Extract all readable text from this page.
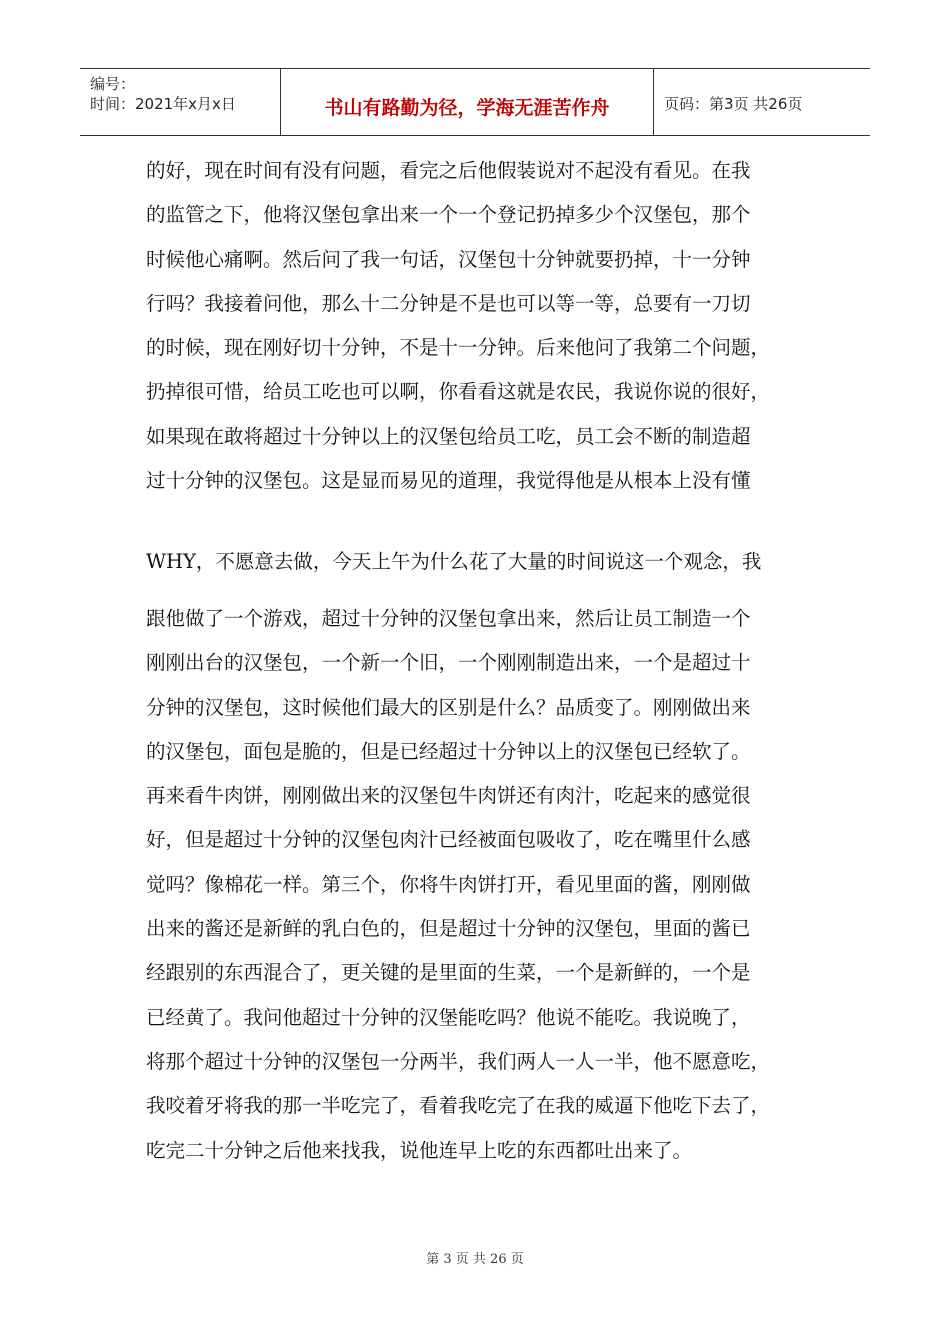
编号：
时间：2021年x月x日	书山有路勤为径，学海无涯苦作舟	页码：第3页 共26页
的好，现在时间有没有问题，看完之后他假装说对不起没有看见。在我
的监管之下，他将汉堡包拿出来一个一个登记扔掉多少个汉堡包，那个
时候他心痛啊。然后问了我一句话，汉堡包十分钟就要扔掉，十一分钟
行吗？我接着问他，那么十二分钟是不是也可以等一等，总要有一刀切
的时候，现在刚好切十分钟，不是十一分钟。后来他问了我第二个问题，
扔掉很可惜，给员工吃也可以啊，你看看这就是农民，我说你说的很好，
如果现在敢将超过十分钟以上的汉堡包给员工吃，员工会不断的制造超
过十分钟的汉堡包。这是显而易见的道理，我觉得他是从根本上没有懂
WHY，不愿意去做，今天上午为什么花了大量的时间说这一个观念，我
跟他做了一个游戏，超过十分钟的汉堡包拿出来，然后让员工制造一个
刚刚出台的汉堡包，一个新一个旧，一个刚刚制造出来，一个是超过十
分钟的汉堡包，这时候他们最大的区别是什么？品质变了。刚刚做出来
的汉堡包，面包是脆的，但是已经超过十分钟以上的汉堡包已经软了。
再来看牛肉饼，刚刚做出来的汉堡包牛肉饼还有肉汁，吃起来的感觉很
好，但是超过十分钟的汉堡包肉汁已经被面包吸收了，吃在嘴里什么感
觉吗？像棉花一样。第三个，你将牛肉饼打开，看见里面的酱，刚刚做
出来的酱还是新鲜的乳白色的，但是超过十分钟的汉堡包，里面的酱已
经跟别的东西混合了，更关键的是里面的生菜，一个是新鲜的，一个是
已经黄了。我问他超过十分钟的汉堡能吃吗？他说不能吃。我说晚了，
将那个超过十分钟的汉堡包一分两半，我们两人一人一半，他不愿意吃，
我咬着牙将我的那一半吃完了，看着我吃完了在我的威逼下他吃下去了，
吃完二十分钟之后他来找我，说他连早上吃的东西都吐出来了。
第 3 页 共 26 页
